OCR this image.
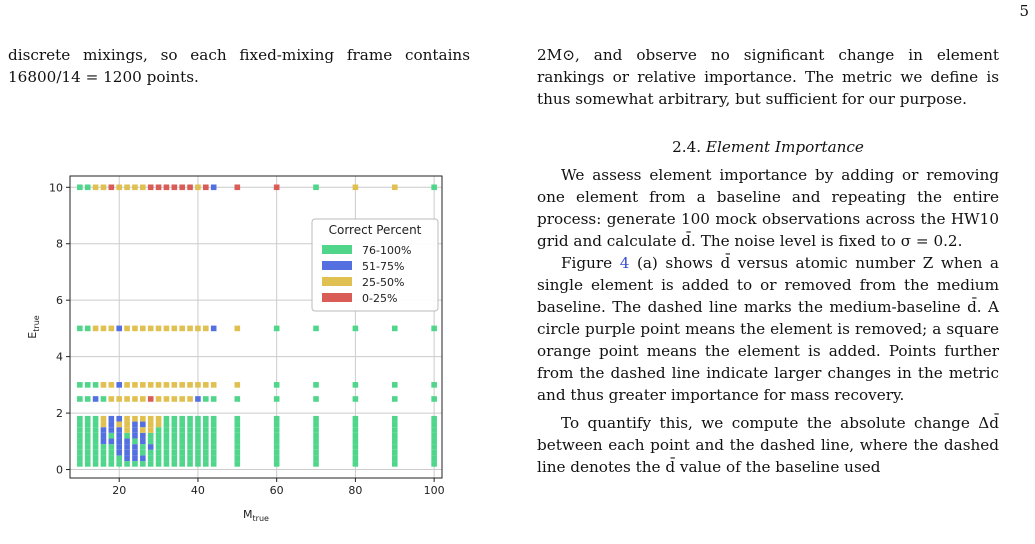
5

discrete mixings, so each fixed-mixing frame contains 16800/14 = 1200 points.

20	40	60	80	100
0
2
4
6
8
10
$M_{true}$
$E_{true}$
Correct Percent
76-100%
51-75%
25-50%
0-25%

2M⊙, and observe no significant change in element rankings or relative importance. The metric we define is thus somewhat arbitrary, but sufficient for our purpose.

2.4. Element Importance

We assess element importance by adding or removing one element from a baseline and repeating the entire process: generate 100 mock observations across the HW10 grid and calculate d̄. The noise level is fixed to σ = 0.2.

Figure 4 (a) shows d̄ versus atomic number Z when a single element is added to or removed from the medium baseline. The dashed line marks the medium-baseline d̄. A circle purple point means the element is removed; a square orange point means the element is added. Points further from the dashed line indicate larger changes in the metric and thus greater importance for mass recovery.

To quantify this, we compute the absolute change Δd̄ between each point and the dashed line, where the dashed line denotes the d̄ value of the baseline used
